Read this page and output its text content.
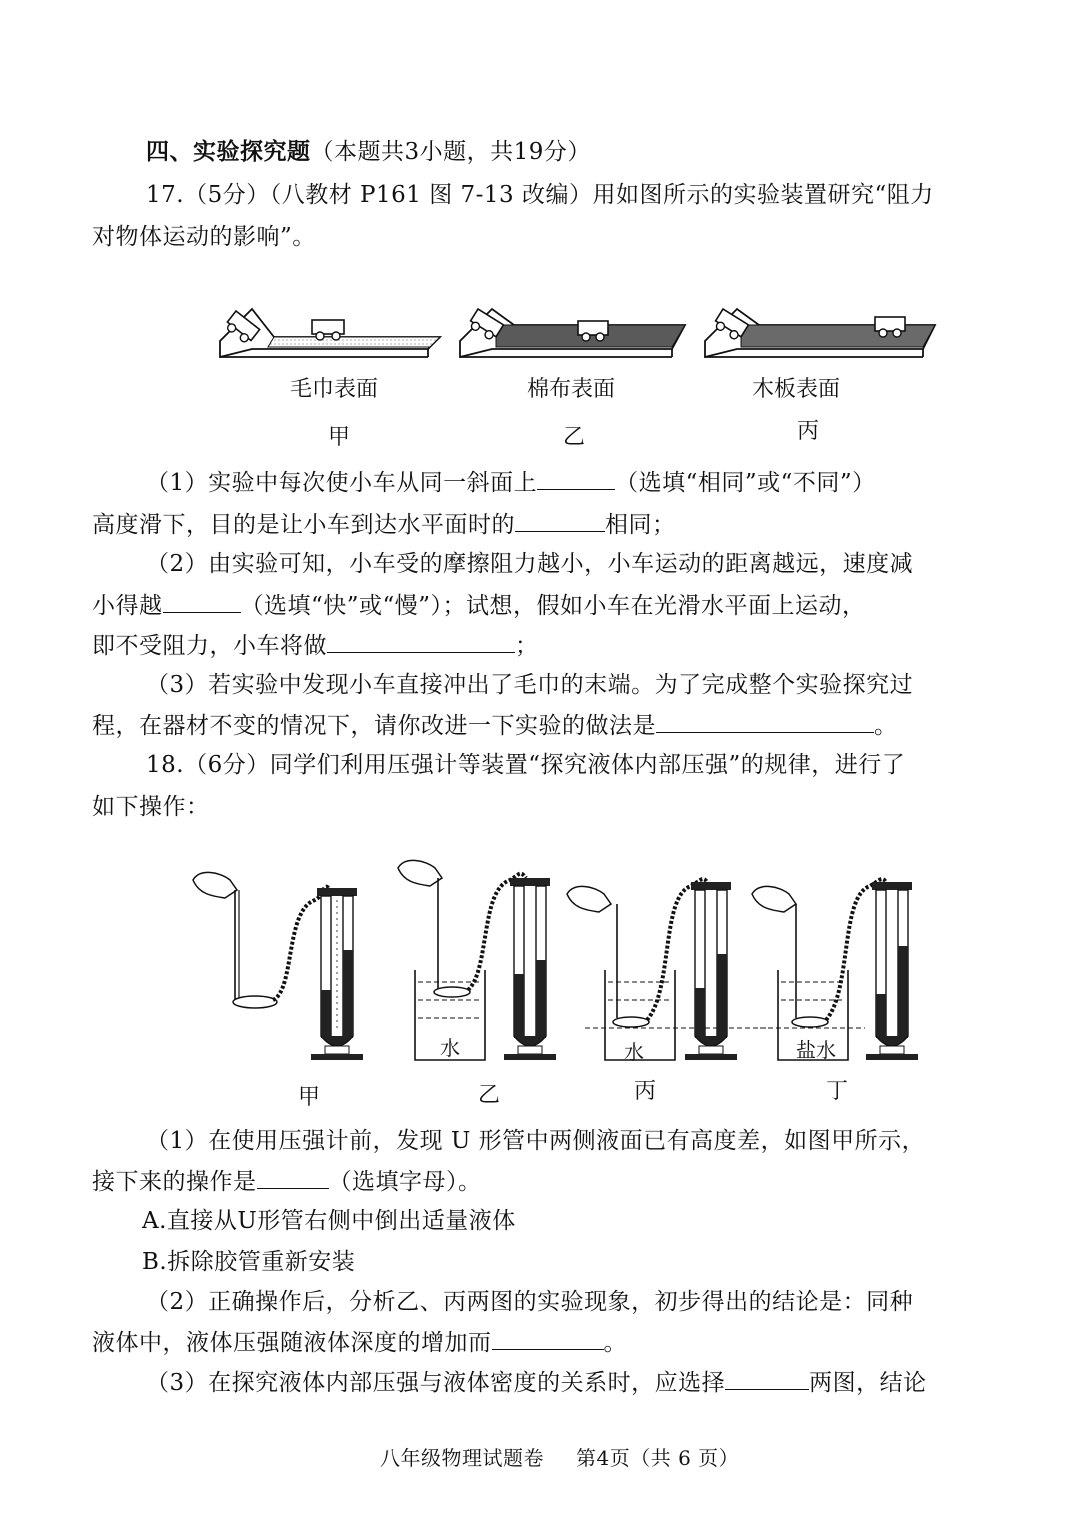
四、实验探究题（本题共3小题，共19分）
17.（5分）（八教材 P161 图 7-13 改编）用如图所示的实验装置研究“阻力
对物体运动的影响”。
毛巾表面	棉布表面	木板表面
甲	乙	丙
（1）实验中每次使小车从同一斜面上	（选填“相同”或“不同”）
高度滑下，目的是让小车到达水平面时的	相同；
（2）由实验可知，小车受的摩擦阻力越小，小车运动的距离越远，速度减
小得越	（选填“快”或“慢”）；试想，假如小车在光滑水平面上运动，
即不受阻力，小车将做	；
（3）若实验中发现小车直接冲出了毛巾的末端。为了完成整个实验探究过
程，在器材不变的情况下，请你改进一下实验的做法是	。
18.（6分）同学们利用压强计等装置“探究液体内部压强”的规律，进行了
如下操作：
水	水	盐水
甲	乙	丙	丁
（1）在使用压强计前，发现 U 形管中两侧液面已有高度差，如图甲所示，
接下来的操作是	（选填字母）。
A.直接从U形管右侧中倒出适量液体
B.拆除胶管重新安装
（2）正确操作后，分析乙、丙两图的实验现象，初步得出的结论是：同种
液体中，液体压强随液体深度的增加而	。
（3）在探究液体内部压强与液体密度的关系时，应选择	两图，结论
八年级物理试题卷 第4页（共 6 页）
